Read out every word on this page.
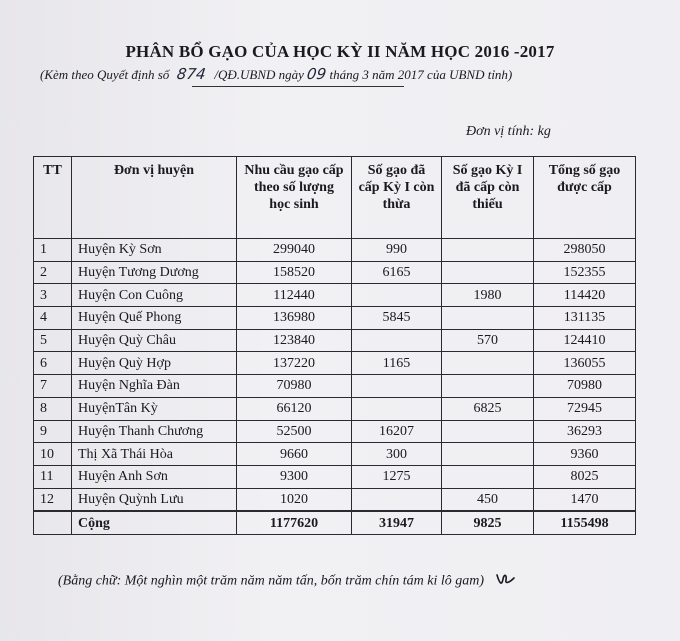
PHÂN BỔ GẠO CỦA HỌC KỲ II NĂM HỌC 2016 -2017
(Kèm theo Quyết định số 874 /QĐ.UBND ngày 09 tháng 3 năm 2017 của UBND tỉnh)
Đơn vị tính: kg
TT	Đơn vị huyện	Nhu cầu gạo cấp theo số lượng học sinh	Số gạo đã cấp Kỳ I còn thừa	Số gạo Kỳ I đã cấp còn thiếu	Tổng số gạo được cấp
1	Huyện Kỳ Sơn	299040	990		298050
2	Huyện Tương Dương	158520	6165		152355
3	Huyện Con Cuông	112440		1980	114420
4	Huyện Quế Phong	136980	5845		131135
5	Huyện Quỳ Châu	123840		570	124410
6	Huyện Quỳ Hợp	137220	1165		136055
7	Huyện Nghĩa Đàn	70980			70980
8	HuyệnTân Kỳ	66120		6825	72945
9	Huyện Thanh Chương	52500	16207		36293
10	Thị Xã Thái Hòa	9660	300		9360
11	Huyện Anh Sơn	9300	1275		8025
12	Huyện Quỳnh Lưu	1020		450	1470
	Cộng	1177620	31947	9825	1155498
(Bằng chữ: Một nghìn một trăm năm năm tấn, bốn trăm chín tám ki lô gam)
